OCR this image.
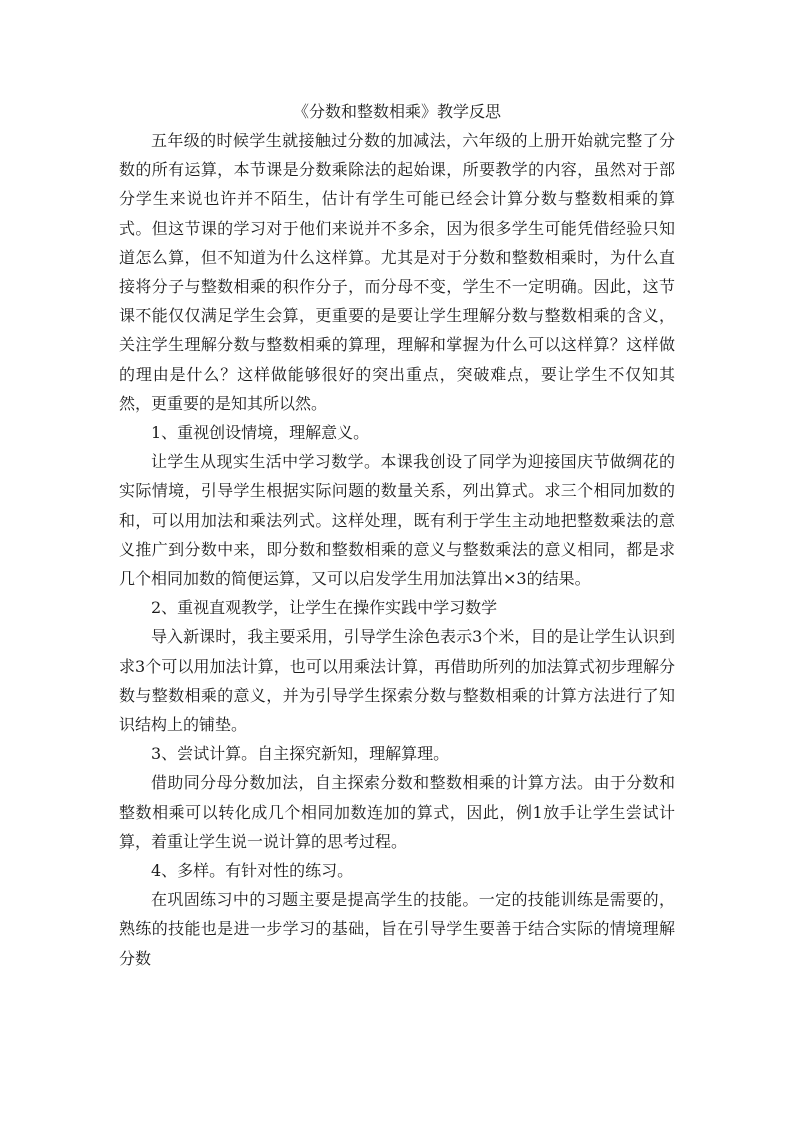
《分数和整数相乘》教学反思

五年级的时候学生就接触过分数的加减法，六年级的上册开始就完整了分数的所有运算，本节课是分数乘除法的起始课，所要教学的内容，虽然对于部分学生来说也许并不陌生，估计有学生可能已经会计算分数与整数相乘的算式。但这节课的学习对于他们来说并不多余，因为很多学生可能凭借经验只知道怎么算，但不知道为什么这样算。尤其是对于分数和整数相乘时，为什么直接将分子与整数相乘的积作分子，而分母不变，学生不一定明确。因此，这节课不能仅仅满足学生会算，更重要的是要让学生理解分数与整数相乘的含义，关注学生理解分数与整数相乘的算理，理解和掌握为什么可以这样算？这样做的理由是什么？这样做能够很好的突出重点，突破难点，要让学生不仅知其然，更重要的是知其所以然。

1、重视创设情境，理解意义。

让学生从现实生活中学习数学。本课我创设了同学为迎接国庆节做绸花的实际情境，引导学生根据实际问题的数量关系，列出算式。求三个相同加数的和，可以用加法和乘法列式。这样处理，既有利于学生主动地把整数乘法的意义推广到分数中来，即分数和整数相乘的意义与整数乘法的意义相同，都是求几个相同加数的简便运算，又可以启发学生用加法算出×3的结果。

2、重视直观教学，让学生在操作实践中学习数学

导入新课时，我主要采用，引导学生涂色表示3个米，目的是让学生认识到求3个可以用加法计算，也可以用乘法计算，再借助所列的加法算式初步理解分数与整数相乘的意义，并为引导学生探索分数与整数相乘的计算方法进行了知识结构上的铺垫。

3、尝试计算。自主探究新知，理解算理。

借助同分母分数加法，自主探索分数和整数相乘的计算方法。由于分数和整数相乘可以转化成几个相同加数连加的算式，因此，例1放手让学生尝试计算，着重让学生说一说计算的思考过程。

4、多样。有针对性的练习。

在巩固练习中的习题主要是提高学生的技能。一定的技能训练是需要的，熟练的技能也是进一步学习的基础，旨在引导学生要善于结合实际的情境理解分数
